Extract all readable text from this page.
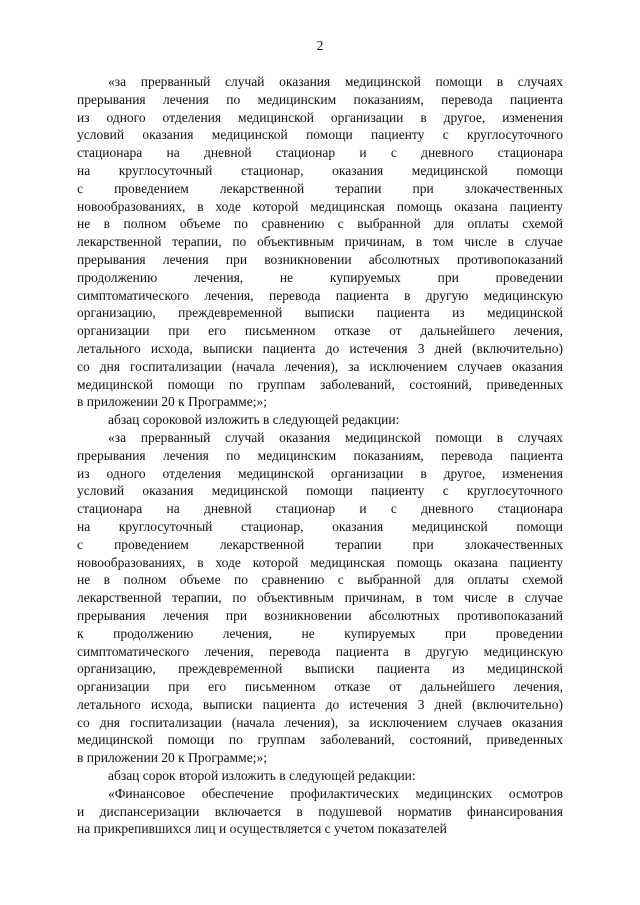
2
«за прерванный случай оказания медицинской помощи в случаях
прерывания лечения по медицинским показаниям, перевода пациента
из одного отделения медицинской организации в другое, изменения
условий оказания медицинской помощи пациенту с круглосуточного
стационара на дневной стационар и с дневного стационара
на круглосуточный стационар, оказания медицинской помощи
с проведением лекарственной терапии при злокачественных
новообразованиях, в ходе которой медицинская помощь оказана пациенту
не в полном объеме по сравнению с выбранной для оплаты схемой
лекарственной терапии, по объективным причинам, в том числе в случае
прерывания лечения при возникновении абсолютных противопоказаний
продолжению лечения, не купируемых при проведении
симптоматического лечения, перевода пациента в другую медицинскую
организацию, преждевременной выписки пациента из медицинской
организации при его письменном отказе от дальнейшего лечения,
летального исхода, выписки пациента до истечения 3 дней (включительно)
со дня госпитализации (начала лечения), за исключением случаев оказания
медицинской помощи по группам заболеваний, состояний, приведенных
в приложении 20 к Программе;»;
абзац сороковой изложить в следующей редакции:
«за прерванный случай оказания медицинской помощи в случаях
прерывания лечения по медицинским показаниям, перевода пациента
из одного отделения медицинской организации в другое, изменения
условий оказания медицинской помощи пациенту с круглосуточного
стационара на дневной стационар и с дневного стационара
на круглосуточный стационар, оказания медицинской помощи
с проведением лекарственной терапии при злокачественных
новообразованиях, в ходе которой медицинская помощь оказана пациенту
не в полном объеме по сравнению с выбранной для оплаты схемой
лекарственной терапии, по объективным причинам, в том числе в случае
прерывания лечения при возникновении абсолютных противопоказаний
к продолжению лечения, не купируемых при проведении
симптоматического лечения, перевода пациента в другую медицинскую
организацию, преждевременной выписки пациента из медицинской
организации при его письменном отказе от дальнейшего лечения,
летального исхода, выписки пациента до истечения 3 дней (включительно)
со дня госпитализации (начала лечения), за исключением случаев оказания
медицинской помощи по группам заболеваний, состояний, приведенных
в приложении 20 к Программе;»;
абзац сорок второй изложить в следующей редакции:
«Финансовое обеспечение профилактических медицинских осмотров
и диспансеризации включается в подушевой норматив финансирования
на прикрепившихся лиц и осуществляется с учетом показателей
